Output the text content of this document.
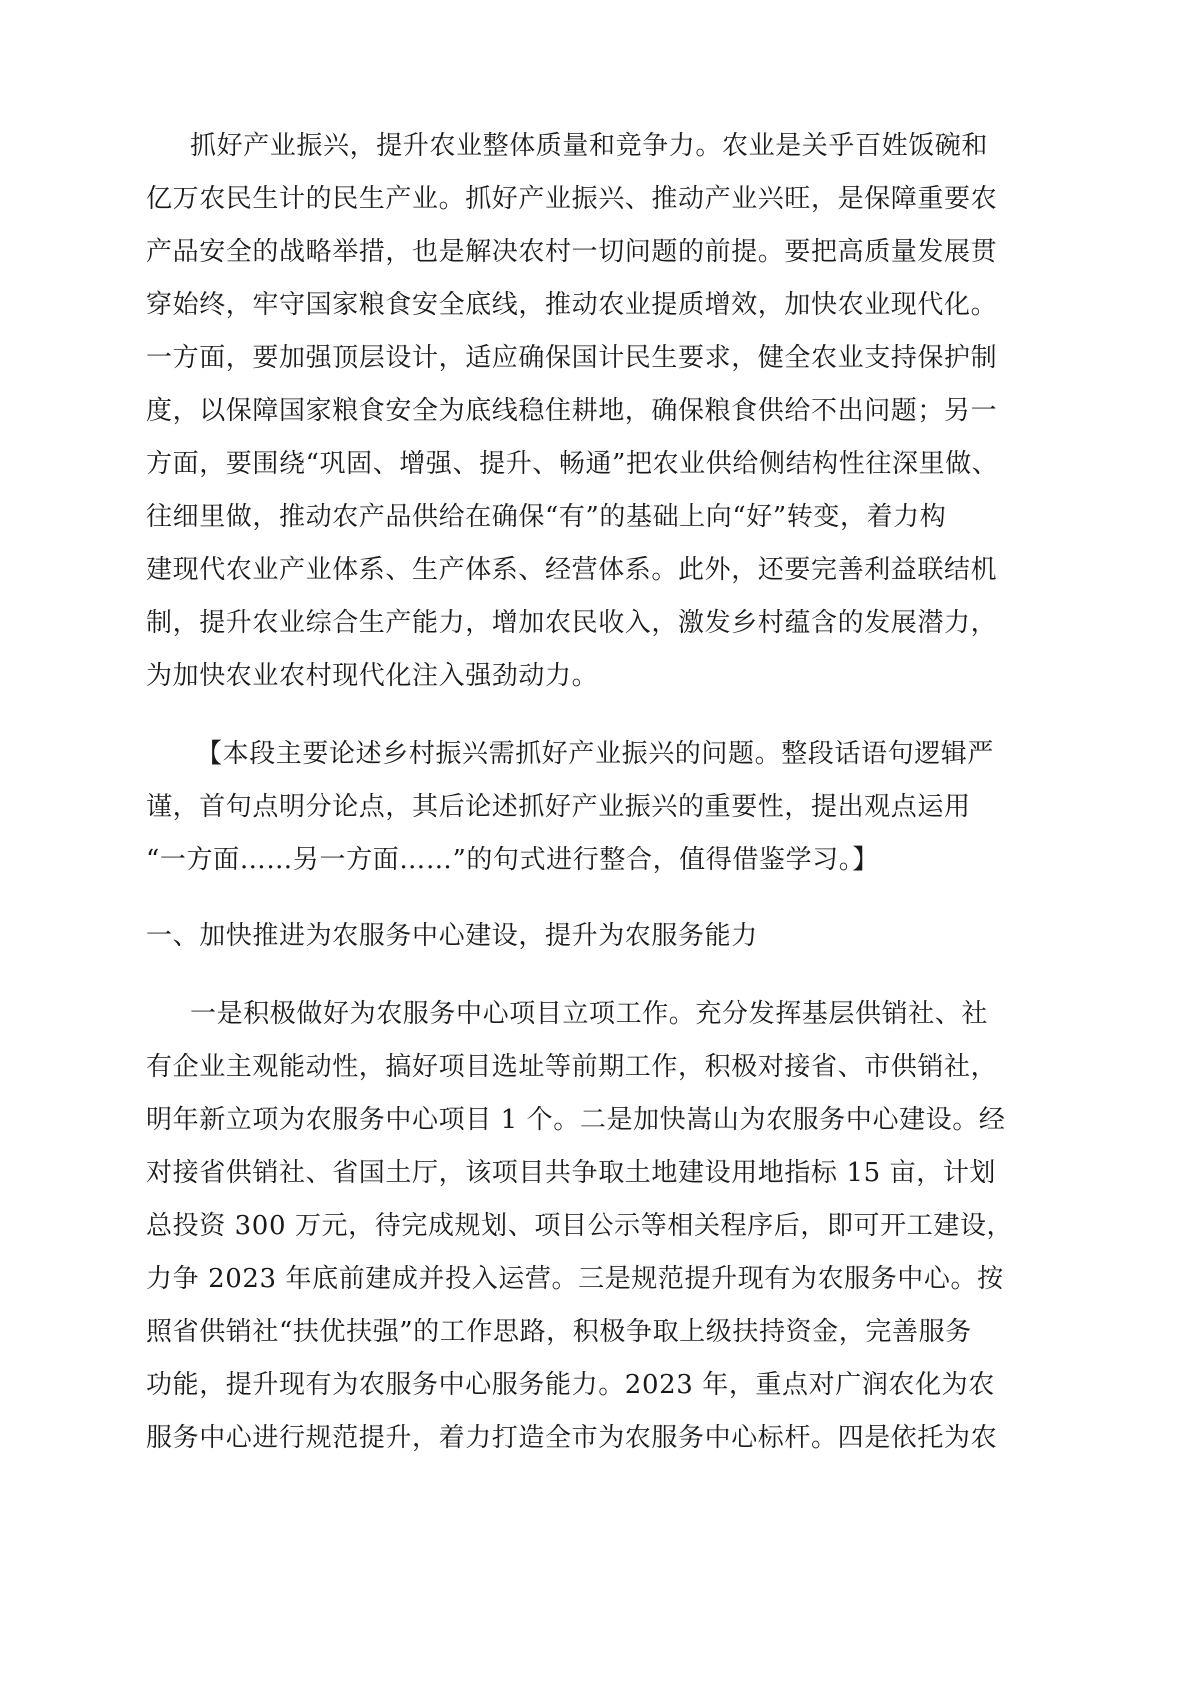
抓好产业振兴，提升农业整体质量和竞争力。农业是关乎百姓饭碗和
亿万农民生计的民生产业。抓好产业振兴、推动产业兴旺，是保障重要农
产品安全的战略举措，也是解决农村一切问题的前提。要把高质量发展贯
穿始终，牢守国家粮食安全底线，推动农业提质增效，加快农业现代化。
一方面，要加强顶层设计，适应确保国计民生要求，健全农业支持保护制
度，以保障国家粮食安全为底线稳住耕地，确保粮食供给不出问题；另一
方面，要围绕“巩固、增强、提升、畅通”把农业供给侧结构性往深里做、
往细里做，推动农产品供给在确保“有”的基础上向“好”转变，着力构
建现代农业产业体系、生产体系、经营体系。此外，还要完善利益联结机
制，提升农业综合生产能力，增加农民收入，激发乡村蕴含的发展潜力，
为加快农业农村现代化注入强劲动力。
【本段主要论述乡村振兴需抓好产业振兴的问题。整段话语句逻辑严
谨，首句点明分论点，其后论述抓好产业振兴的重要性，提出观点运用
“一方面……另一方面……”的句式进行整合，值得借鉴学习。】
一、加快推进为农服务中心建设，提升为农服务能力
一是积极做好为农服务中心项目立项工作。充分发挥基层供销社、社
有企业主观能动性，搞好项目选址等前期工作，积极对接省、市供销社，
明年新立项为农服务中心项目 1 个。二是加快嵩山为农服务中心建设。经
对接省供销社、省国土厅，该项目共争取土地建设用地指标 15 亩，计划
总投资 300 万元，待完成规划、项目公示等相关程序后，即可开工建设，
力争 2023 年底前建成并投入运营。三是规范提升现有为农服务中心。按
照省供销社“扶优扶强”的工作思路，积极争取上级扶持资金，完善服务
功能，提升现有为农服务中心服务能力。2023 年，重点对广润农化为农
服务中心进行规范提升，着力打造全市为农服务中心标杆。四是依托为农
